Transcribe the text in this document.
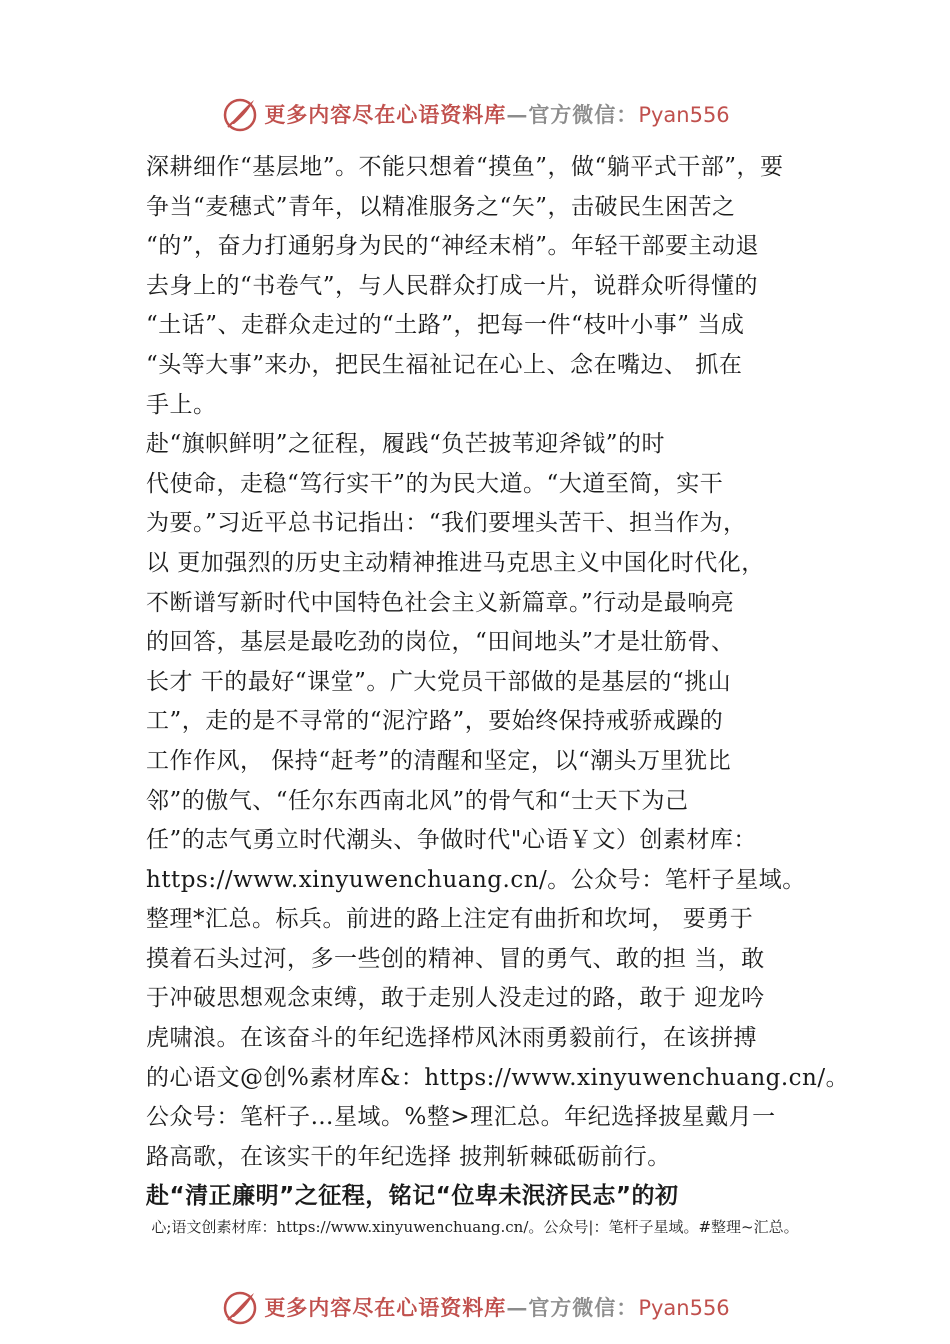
更多内容尽在心语资料库—官方微信：Pyan556
深耕细作“基层地”。不能只想着“摸鱼”，做“躺平式干部”，要
争当“麦穗式”青年，以精准服务之“矢”，击破民生困苦之
“的”，奋力打通躬身为民的“神经末梢”。年轻干部要主动退
去身上的“书卷气”，与人民群众打成一片，说群众听得懂的
“土话”、走群众走过的“土路”，把每一件“枝叶小事” 当成
“头等大事”来办，把民生福祉记在心上、念在嘴边、 抓在
手上。
赴“旗帜鲜明”之征程，履践“负芒披苇迎斧钺”的时
代使命，走稳“笃行实干”的为民大道。“大道至简，实干
为要。”习近平总书记指出：“我们要埋头苦干、担当作为，
以 更加强烈的历史主动精神推进马克思主义中国化时代化，
不断谱写新时代中国特色社会主义新篇章。”行动是最响亮
的回答，基层是最吃劲的岗位，“田间地头”才是壮筋骨、
长才 干的最好“课堂”。广大党员干部做的是基层的“挑山
工”，走的是不寻常的“泥泞路”，要始终保持戒骄戒躁的
工作作风， 保持“赶考”的清醒和坚定，以“潮头万里犹比
邻”的傲气、“任尔东西南北风”的骨气和“士天下为己
任”的志气勇立时代潮头、争做时代"心语￥文）创素材库：
https://www.xinyuwenchuang.cn/。公众号：笔杆子星域。
整理*汇总。标兵。前进的路上注定有曲折和坎坷， 要勇于
摸着石头过河，多一些创的精神、冒的勇气、敢的担 当，敢
于冲破思想观念束缚，敢于走别人没走过的路，敢于 迎龙吟
虎啸浪。在该奋斗的年纪选择栉风沐雨勇毅前行，在该拼搏
的心语文@创%素材库&：https://www.xinyuwenchuang.cn/。
公众号：笔杆子…星域。%整>理汇总。年纪选择披星戴月一
路高歌，在该实干的年纪选择 披荆斩棘砥砺前行。
赴“清正廉明”之征程，铭记“位卑未泯济民志”的初
心;语文创素材库：https://www.xinyuwenchuang.cn/。公众号|：笔杆子星域。#整理~汇总。
更多内容尽在心语资料库—官方微信：Pyan556
